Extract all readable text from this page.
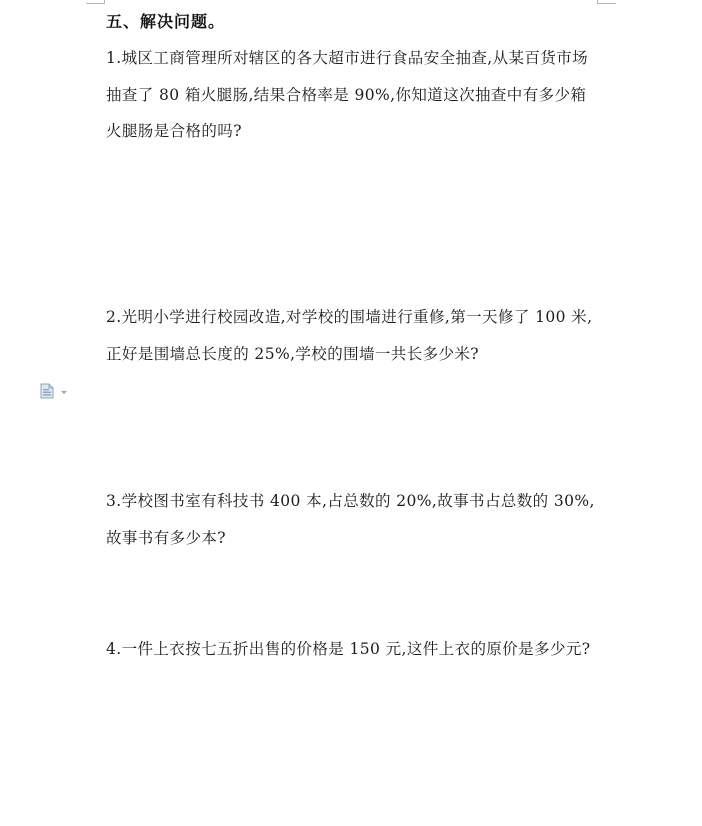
五、解决问题。
1.城区工商管理所对辖区的各大超市进行食品安全抽查,从某百货市场抽查了 80 箱火腿肠,结果合格率是 90%,你知道这次抽查中有多少箱火腿肠是合格的吗?
2.光明小学进行校园改造,对学校的围墙进行重修,第一天修了 100 米,正好是围墙总长度的 25%,学校的围墙一共长多少米?
3.学校图书室有科技书 400 本,占总数的 20%,故事书占总数的 30%,故事书有多少本?
4.一件上衣按七五折出售的价格是 150 元,这件上衣的原价是多少元?
